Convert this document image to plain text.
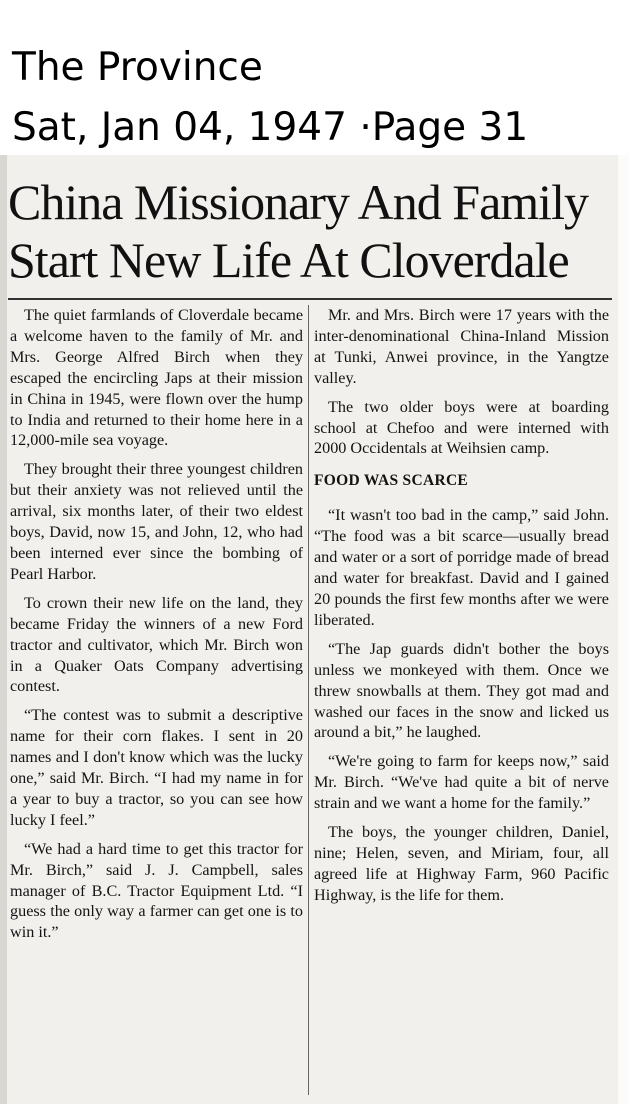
The Province
Sat, Jan 04, 1947 ·Page 31
China Missionary And Family
Start New Life At Cloverdale

The quiet farmlands of Cloverdale became a welcome haven to the family of Mr. and Mrs. George Alfred Birch when they escaped the encircling Japs at their mission in China in 1945, were flown over the hump to India and returned to their home here in a 12,000-mile sea voyage.

They brought their three youngest children but their anxiety was not relieved until the arrival, six months later, of their two eldest boys, David, now 15, and John, 12, who had been interned ever since the bombing of Pearl Harbor.

To crown their new life on the land, they became Friday the winners of a new Ford tractor and cultivator, which Mr. Birch won in a Quaker Oats Company advertising contest.

“The contest was to submit a descriptive name for their corn flakes. I sent in 20 names and I don't know which was the lucky one,” said Mr. Birch. “I had my name in for a year to buy a tractor, so you can see how lucky I feel.”

“We had a hard time to get this tractor for Mr. Birch,” said J. J. Campbell, sales manager of B.C. Tractor Equipment Ltd. “I guess the only way a farmer can get one is to win it.”

Mr. and Mrs. Birch were 17 years with the inter-denominational China-Inland Mission at Tunki, Anwei province, in the Yangtze valley.

The two older boys were at boarding school at Chefoo and were interned with 2000 Occidentals at Weihsien camp.

FOOD WAS SCARCE

“It wasn't too bad in the camp,” said John. “The food was a bit scarce—usually bread and water or a sort of porridge made of bread and water for breakfast. David and I gained 20 pounds the first few months after we were liberated.

“The Jap guards didn't bother the boys unless we monkeyed with them. Once we threw snowballs at them. They got mad and washed our faces in the snow and licked us around a bit,” he laughed.

“We're going to farm for keeps now,” said Mr. Birch. “We've had quite a bit of nerve strain and we want a home for the family.”

The boys, the younger children, Daniel, nine; Helen, seven, and Miriam, four, all agreed life at Highway Farm, 960 Pacific Highway, is the life for them.
